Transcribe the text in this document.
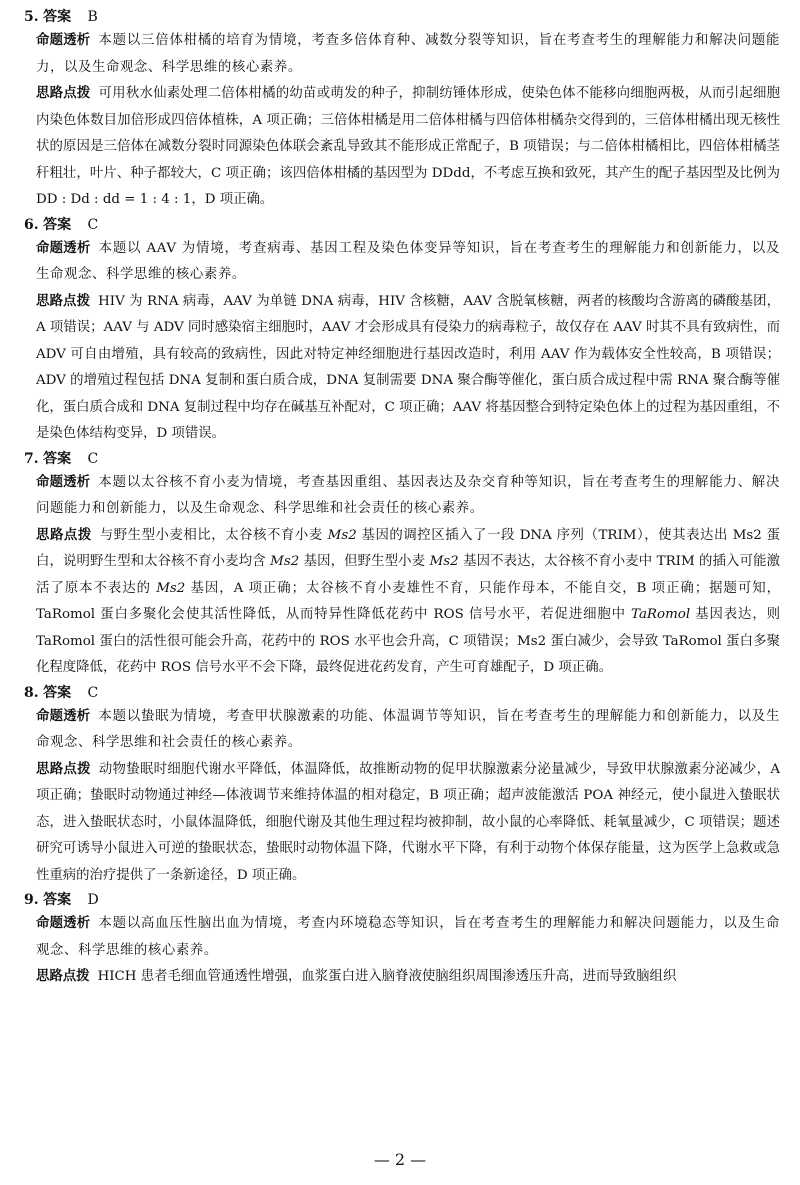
5. 答案 B

命题透析 本题以三倍体柑橘的培育为情境，考查多倍体育种、减数分裂等知识，旨在考查考生的理解能力和解决问题能力，以及生命观念、科学思维的核心素养。

思路点拨 可用秋水仙素处理二倍体柑橘的幼苗或萌发的种子，抑制纺锤体形成，使染色体不能移向细胞两极，从而引起细胞内染色体数目加倍形成四倍体植株，A 项正确；三倍体柑橘是用二倍体柑橘与四倍体柑橘杂交得到的，三倍体柑橘出现无核性状的原因是三倍体在减数分裂时同源染色体联会紊乱导致其不能形成正常配子，B 项错误；与二倍体柑橘相比，四倍体柑橘茎秆粗壮，叶片、种子都较大，C 项正确；该四倍体柑橘的基因型为 DDdd，不考虑互换和致死，其产生的配子基因型及比例为 DD : Dd : dd = 1 : 4 : 1，D 项正确。

6. 答案 C

命题透析 本题以 AAV 为情境，考查病毒、基因工程及染色体变异等知识，旨在考查考生的理解能力和创新能力，以及生命观念、科学思维的核心素养。

思路点拨 HIV 为 RNA 病毒，AAV 为单链 DNA 病毒，HIV 含核糖，AAV 含脱氧核糖，两者的核酸均含游离的磷酸基团，A 项错误；AAV 与 ADV 同时感染宿主细胞时，AAV 才会形成具有侵染力的病毒粒子，故仅存在 AAV 时其不具有致病性，而 ADV 可自由增殖，具有较高的致病性，因此对特定神经细胞进行基因改造时，利用 AAV 作为载体安全性较高，B 项错误；ADV 的增殖过程包括 DNA 复制和蛋白质合成，DNA 复制需要 DNA 聚合酶等催化，蛋白质合成过程中需 RNA 聚合酶等催化，蛋白质合成和 DNA 复制过程中均存在碱基互补配对，C 项正确；AAV 将基因整合到特定染色体上的过程为基因重组，不是染色体结构变异，D 项错误。

7. 答案 C

命题透析 本题以太谷核不育小麦为情境，考查基因重组、基因表达及杂交育种等知识，旨在考查考生的理解能力、解决问题能力和创新能力，以及生命观念、科学思维和社会责任的核心素养。

思路点拨 与野生型小麦相比，太谷核不育小麦 Ms2 基因的调控区插入了一段 DNA 序列（TRIM），使其表达出 Ms2 蛋白，说明野生型和太谷核不育小麦均含 Ms2 基因，但野生型小麦 Ms2 基因不表达，太谷核不育小麦中 TRIM 的插入可能激活了原本不表达的 Ms2 基因，A 项正确；太谷核不育小麦雄性不育，只能作母本，不能自交，B 项正确；据题可知，TaRomol 蛋白多聚化会使其活性降低，从而特异性降低花药中 ROS 信号水平，若促进细胞中 TaRomol 基因表达，则 TaRomol 蛋白的活性很可能会升高，花药中的 ROS 水平也会升高，C 项错误；Ms2 蛋白减少，会导致 TaRomol 蛋白多聚化程度降低，花药中 ROS 信号水平不会下降，最终促进花药发育，产生可育雄配子，D 项正确。

8. 答案 C

命题透析 本题以蛰眠为情境，考查甲状腺激素的功能、体温调节等知识，旨在考查考生的理解能力和创新能力，以及生命观念、科学思维和社会责任的核心素养。

思路点拨 动物蛰眠时细胞代谢水平降低，体温降低，故推断动物的促甲状腺激素分泌量减少，导致甲状腺激素分泌减少，A 项正确；蛰眠时动物通过神经—体液调节来维持体温的相对稳定，B 项正确；超声波能激活 POA 神经元，使小鼠进入蛰眠状态，进入蛰眠状态时，小鼠体温降低，细胞代谢及其他生理过程均被抑制，故小鼠的心率降低、耗氧量减少，C 项错误；题述研究可诱导小鼠进入可逆的蛰眠状态，蛰眠时动物体温下降，代谢水平下降，有利于动物个体保存能量，这为医学上急救或急性重病的治疗提供了一条新途径，D 项正确。

9. 答案 D

命题透析 本题以高血压性脑出血为情境，考查内环境稳态等知识，旨在考查考生的理解能力和解决问题能力，以及生命观念、科学思维的核心素养。

思路点拨 HICH 患者毛细血管通透性增强，血浆蛋白进入脑脊液使脑组织周围渗透压升高，进而导致脑组织

— 2 —
